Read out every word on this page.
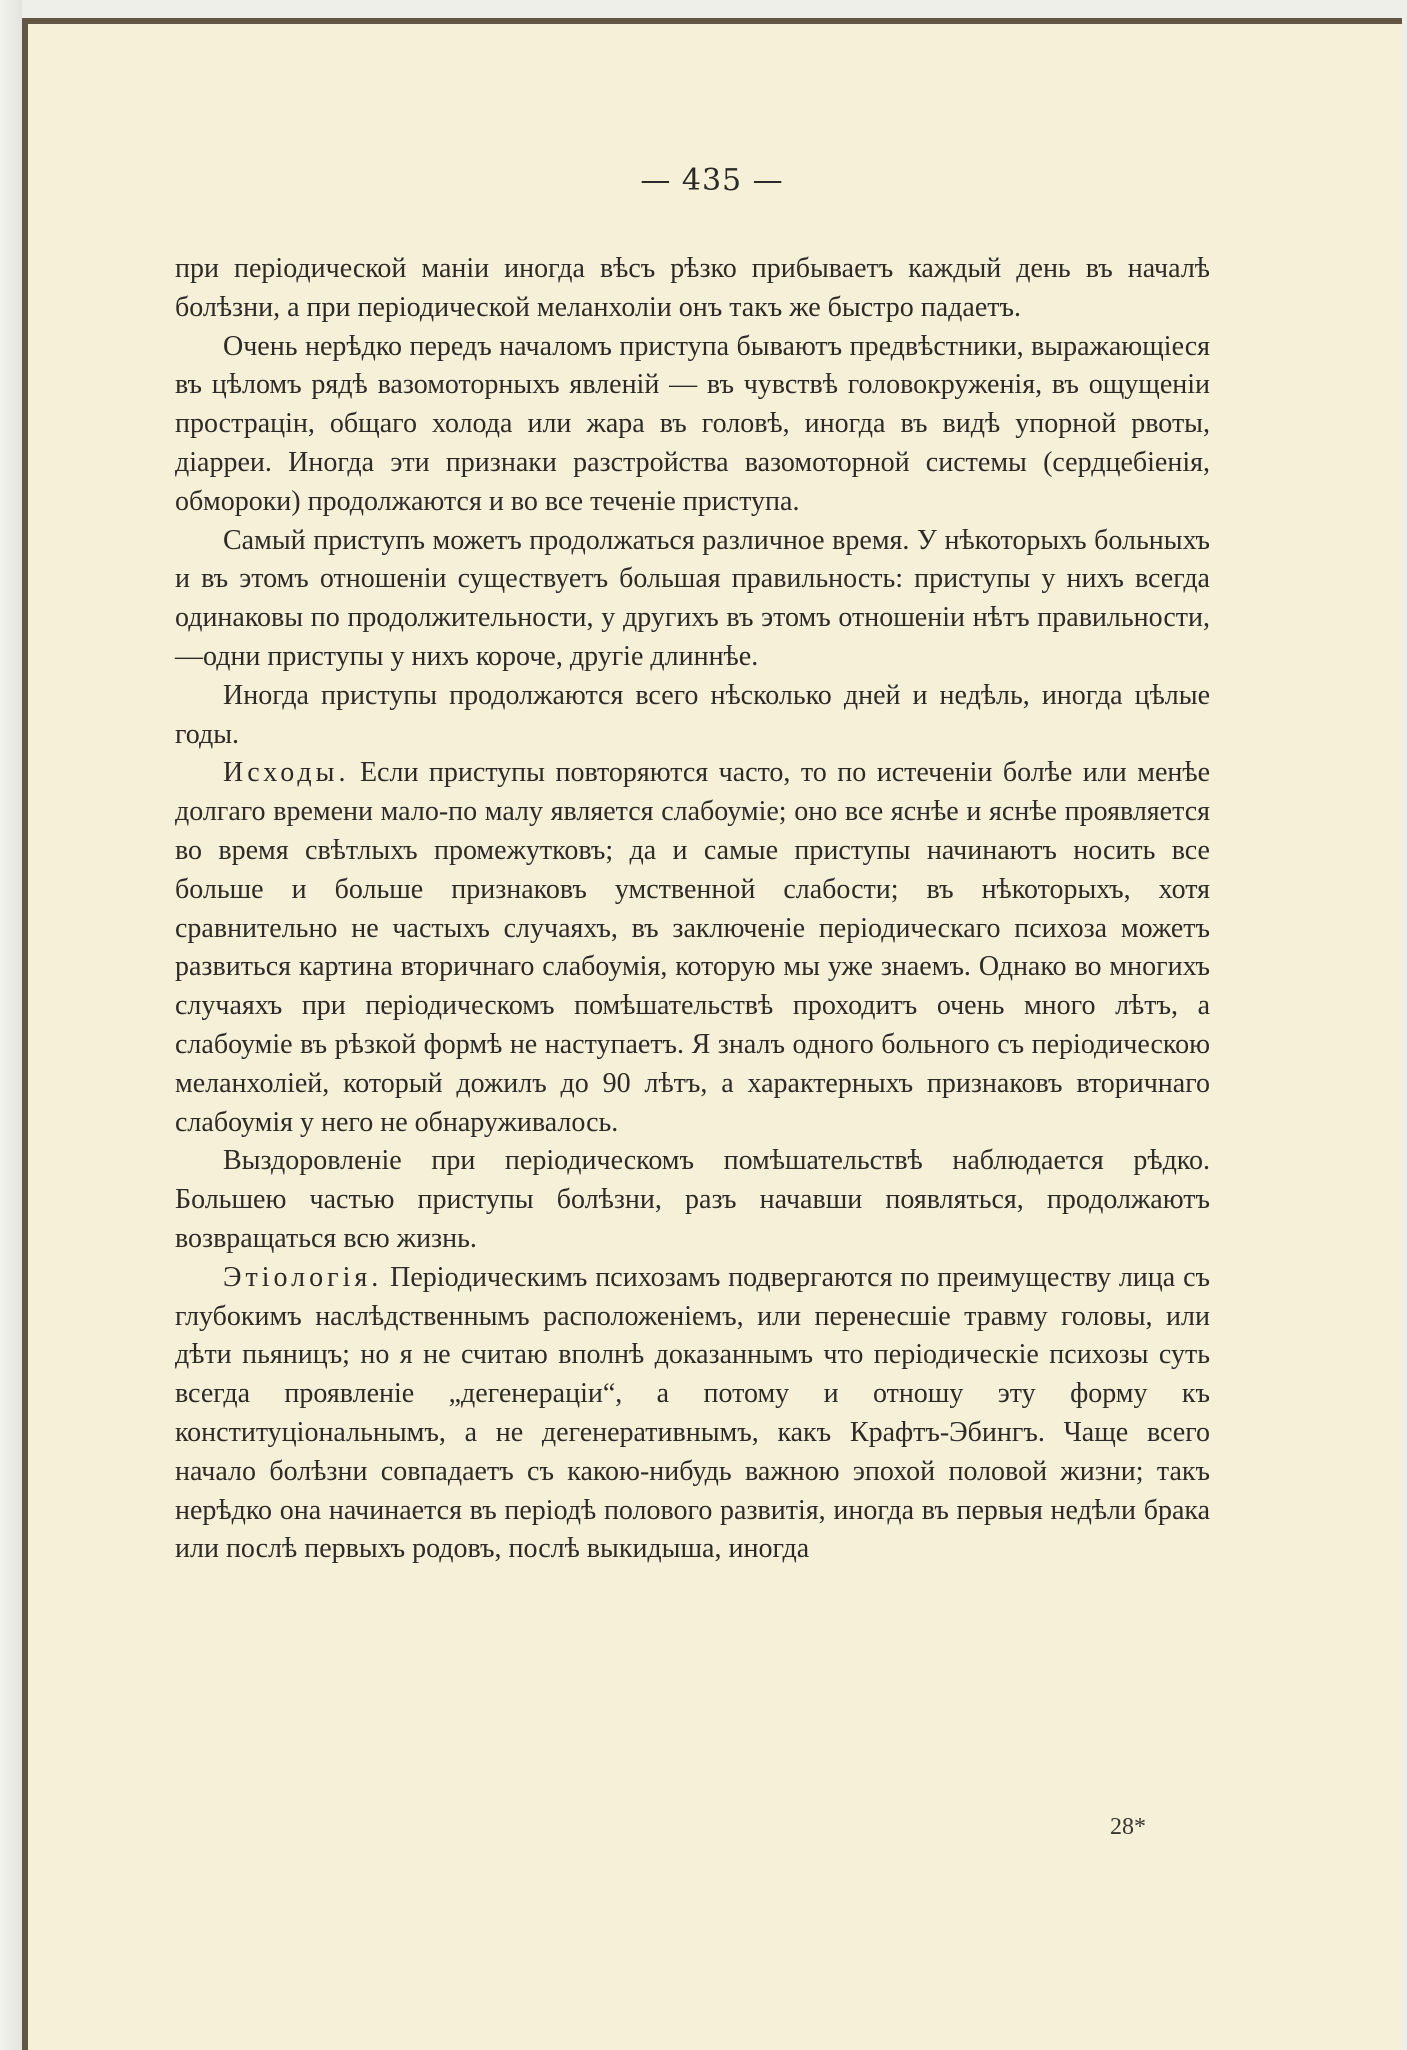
— 435 —

при періодической маніи иногда вѣсъ рѣзко прибываетъ каждый день въ началѣ болѣзни, а при періодической меланхоліи онъ такъ же быстро падаетъ.

Очень нерѣдко передъ началомъ приступа бываютъ предвѣстники, выражающіеся въ цѣломъ рядѣ вазомоторныхъ явленій — въ чувствѣ головокруженія, въ ощущеніи прострацін, общаго холода или жара въ головѣ, иногда въ видѣ упорной рвоты, діарреи. Иногда эти признаки разстройства вазомоторной системы (сердцебіенія, обмороки) продолжаются и во все теченіе приступа.

Самый приступъ можетъ продолжаться различное время. У нѣкоторыхъ больныхъ и въ этомъ отношеніи существуетъ большая правильность: приступы у нихъ всегда одинаковы по продолжительности, у другихъ въ этомъ отношеніи нѣтъ правильности,—одни приступы у нихъ короче, другіе длиннѣе.

Иногда приступы продолжаются всего нѣсколько дней и недѣль, иногда цѣлые годы.

Исходы. Если приступы повторяются часто, то по истеченіи болѣе или менѣе долгаго времени мало-по малу является слабоуміе; оно все яснѣе и яснѣе проявляется во время свѣтлыхъ промежутковъ; да и самые приступы начинаютъ носить все больше и больше признаковъ умственной слабости; въ нѣкоторыхъ, хотя сравнительно не частыхъ случаяхъ, въ заключеніе періодическаго психоза можетъ развиться картина вторичнаго слабоумія, которую мы уже знаемъ. Однако во многихъ случаяхъ при періодическомъ помѣшательствѣ проходитъ очень много лѣтъ, а слабоуміе въ рѣзкой формѣ не наступаетъ. Я зналъ одного больного съ періодическою меланхоліей, который дожилъ до 90 лѣтъ, а характерныхъ признаковъ вторичнаго слабоумія у него не обнаруживалось.

Выздоровленіе при періодическомъ помѣшательствѣ наблюдается рѣдко. Большею частью приступы болѣзни, разъ начавши появляться, продолжаютъ возвращаться всю жизнь.

Этіологія. Періодическимъ психозамъ подвергаются по преимуществу лица съ глубокимъ наслѣдственнымъ расположеніемъ, или перенесшіе травму головы, или дѣти пьяницъ; но я не считаю вполнѣ доказаннымъ что періодическіе психозы суть всегда проявленіе „дегенераціи“, а потому и отношу эту форму къ конституціональнымъ, а не дегенеративнымъ, какъ Крафтъ-Эбингъ. Чаще всего начало болѣзни совпадаетъ съ какою-нибудь важною эпохой половой жизни; такъ нерѣдко она начинается въ періодѣ полового развитія, иногда въ первыя недѣли брака или послѣ первыхъ родовъ, послѣ выкидыша, иногда

28*
